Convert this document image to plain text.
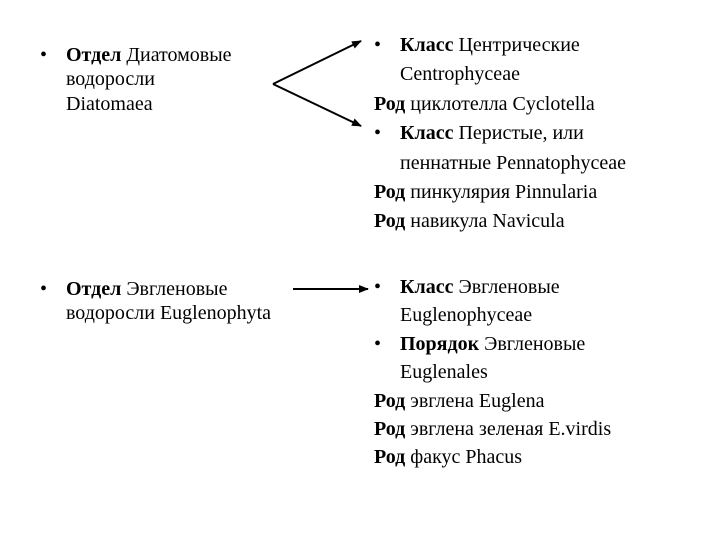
• Отдел Диатомовые
водоросли
Diatomaea
• Отдел Эвгленовые
водоросли Euglenophyta
• Класс Центрические
Centrophyceae
Род циклотелла Cyclotella
• Класс Перистые, или
пеннатные Pennatophyceae
Род пинкулярия Pinnularia
Род навикула Navicula
• Класс Эвгленовые
Euglenophyceae
• Порядок Эвгленовые
Euglenales
Род эвглена Euglena
Род эвглена зеленая E.virdis
Род факус Phacus
